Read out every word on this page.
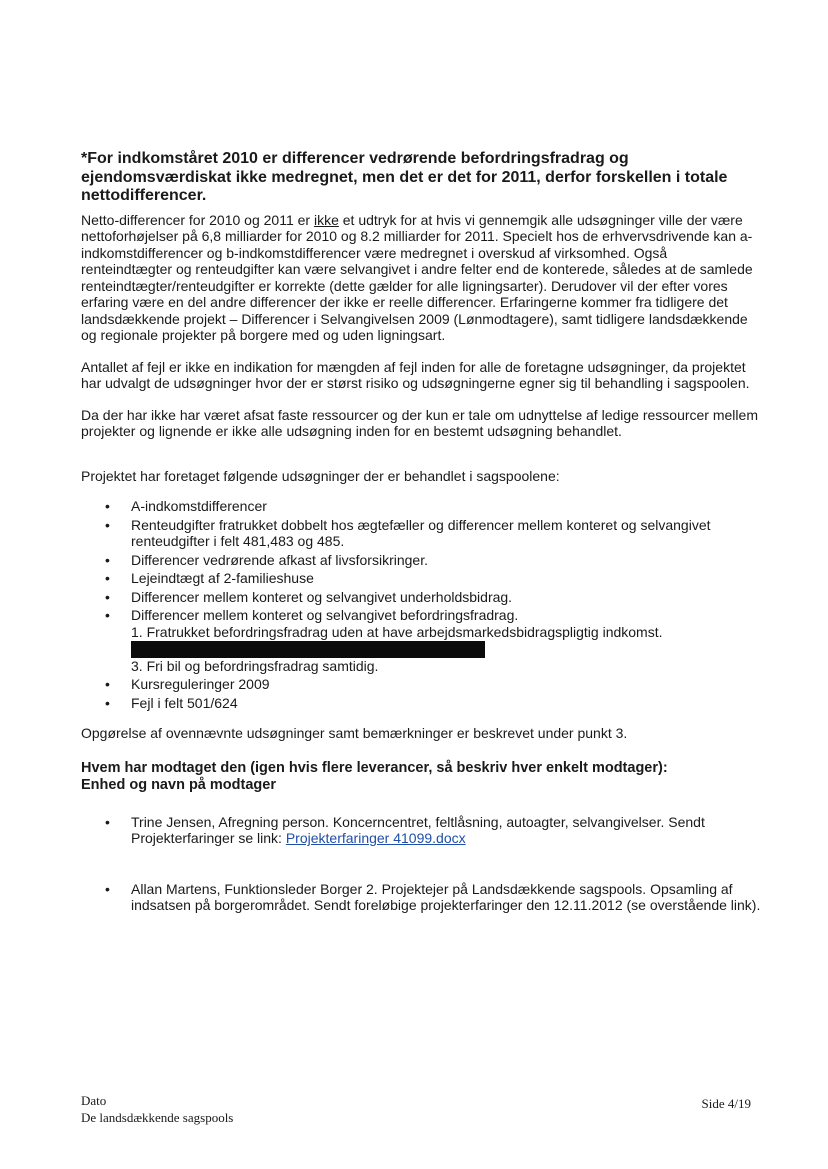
*For indkomståret 2010 er differencer vedrørende befordringsfradrag og ejendomsværdiskat ikke medregnet, men det er det for 2011, derfor forskellen i totale nettodifferencer.

Netto-differencer for 2010 og 2011 er ikke et udtryk for at hvis vi gennemgik alle udsøgninger ville der være nettoforhøjelser på 6,8 milliarder for 2010 og 8.2 milliarder for 2011. Specielt hos de erhvervsdrivende kan a-indkomstdifferencer og b-indkomstdifferencer være medregnet i overskud af virksomhed. Også renteindtægter og renteudgifter kan være selvangivet i andre felter end de konterede, således at de samlede renteindtægter/renteudgifter er korrekte (dette gælder for alle ligningsarter). Derudover vil der efter vores erfaring være en del andre differencer der ikke er reelle differencer. Erfaringerne kommer fra tidligere det landsdækkende projekt – Differencer i Selvangivelsen 2009 (Lønmodtagere), samt tidligere landsdækkende og regionale projekter på borgere med og uden ligningsart.

Antallet af fejl er ikke en indikation for mængden af fejl inden for alle de foretagne udsøgninger, da projektet har udvalgt de udsøgninger hvor der er størst risiko og udsøgningerne egner sig til behandling i sagspoolen.

Da der har ikke har været afsat faste ressourcer og der kun er tale om udnyttelse af ledige ressourcer mellem projekter og lignende er ikke alle udsøgning inden for en bestemt udsøgning behandlet.

Projektet har foretaget følgende udsøgninger der er behandlet i sagspoolene:

• A-indkomstdifferencer
• Renteudgifter fratrukket dobbelt hos ægtefæller og differencer mellem konteret og selvangivet renteudgifter i felt 481,483 og 485.
• Differencer vedrørende afkast af livsforsikringer.
• Lejeindtægt af 2-familieshuse
• Differencer mellem konteret og selvangivet underholdsbidrag.
• Differencer mellem konteret og selvangivet befordringsfradrag.
1. Fratrukket befordringsfradrag uden at have arbejdsmarkedsbidragspligtig indkomst.
3. Fri bil og befordringsfradrag samtidig.
• Kursreguleringer 2009
• Fejl i felt 501/624

Opgørelse af ovennævnte udsøgninger samt bemærkninger er beskrevet under punkt 3.

Hvem har modtaget den (igen hvis flere leverancer, så beskriv hver enkelt modtager):
Enhed og navn på modtager

• Trine Jensen, Afregning person. Koncerncentret, feltlåsning, autoagter, selvangivelser. Sendt Projekterfaringer se link: Projekterfaringer 41099.docx
• Allan Martens, Funktionsleder Borger 2. Projektejer på Landsdækkende sagspools. Opsamling af indsatsen på borgerområdet. Sendt foreløbige projekterfaringer den 12.11.2012 (se overstående link).
Dato
De landsdækkende sagspools
Side 4/19
